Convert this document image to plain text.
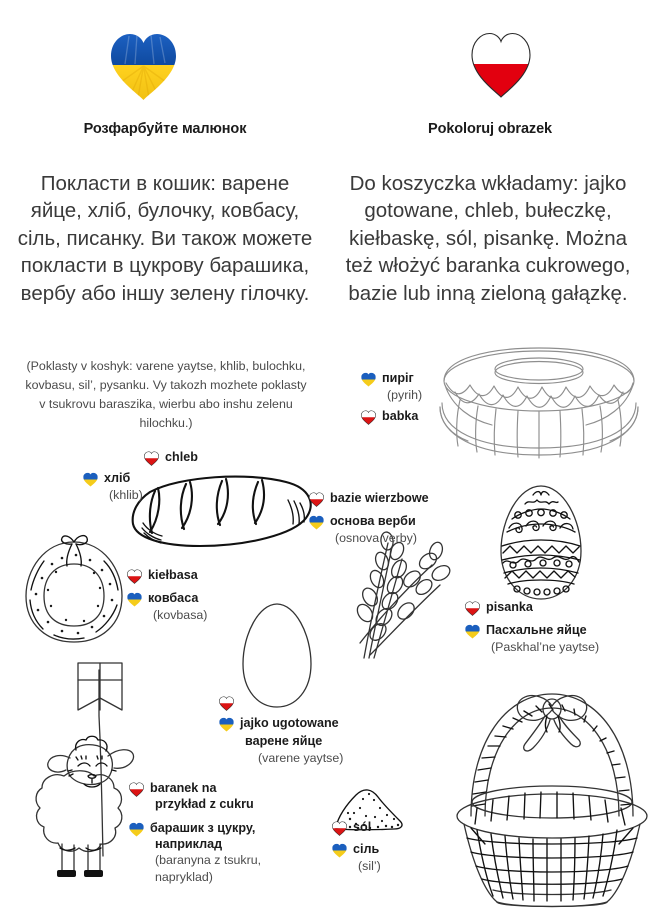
Розфарбуйте малюнок	Pokoloruj obrazek
Покласти в кошик: варене яйце, хліб, булочку, ковбасу, сіль, писанку. Ви також можете покласти в цукрову барашика, вербу або іншу зелену гілочку.
Do koszyczka wkładamy: jajko gotowane, chleb, bułeczkę, kiełbaskę, sól, pisankę. Można też włożyć baranka cukrowego, bazie lub inną zieloną gałązkę.
(Poklasty v koshyk: varene yaytse, khlib, bulochku, kovbasu, sil’, pysanku. Vy takozh mozhete poklasty v tsukrovu baraszika, wierbu abo inshu zelenu hilochku.)
пиріг
(pyrih)
babka
chleb
хліб
(khlib)	bazie wierzbowe
основа верби
(osnova verby)
kiełbasa
ковбаса
(kovbasa)
pisanka
Пасхальне яйце
(Paskhal’ne yaytse)
jajko ugotowane
варене яйце
(varene yaytse)
baranek na
przykład z cukru
барашик з цукру,
наприклад
(baranyna z tsukru,
napryklad)
sól
сіль
(sil’)
